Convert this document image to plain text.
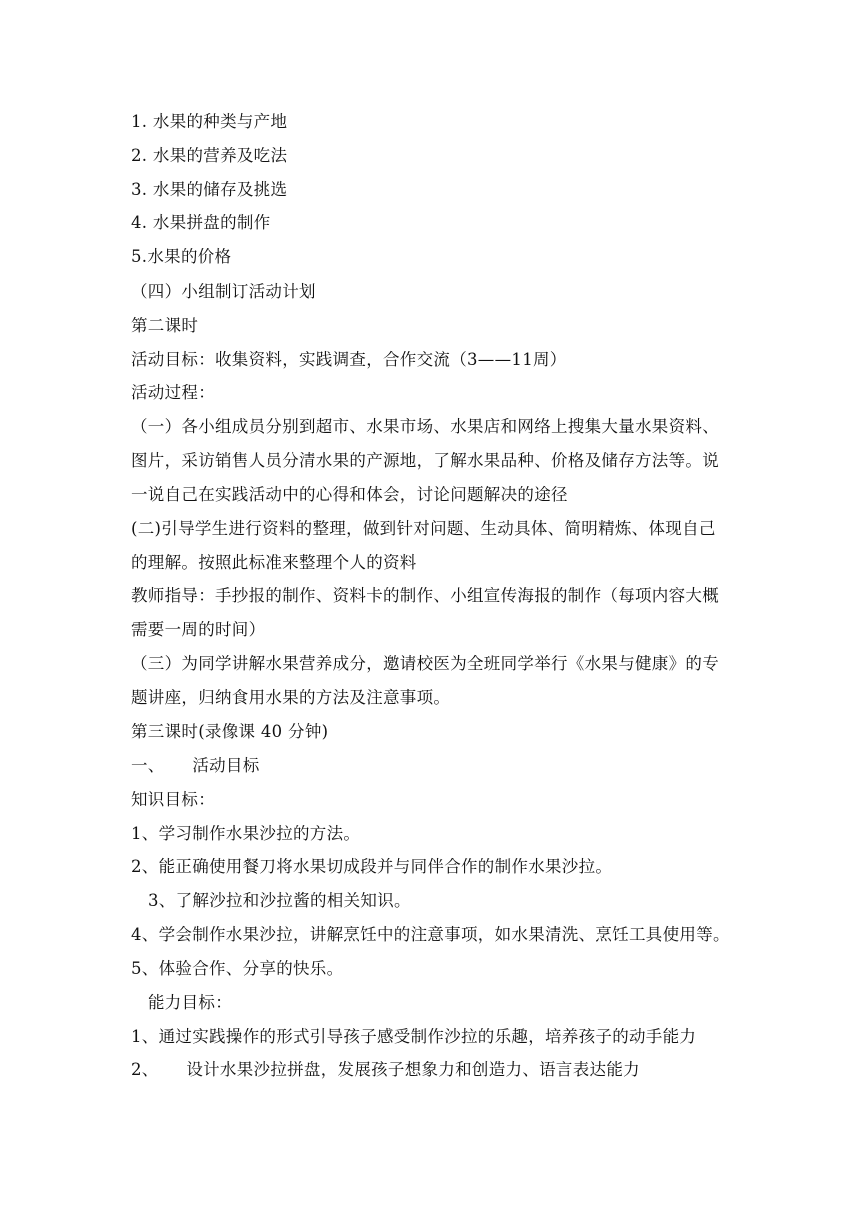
1. 水果的种类与产地
2. 水果的营养及吃法
3. 水果的储存及挑选
4. 水果拼盘的制作
5.水果的价格
（四）小组制订活动计划
第二课时
活动目标：收集资料，实践调查，合作交流（3——11周）
活动过程：
（一）各小组成员分别到超市、水果市场、水果店和网络上搜集大量水果资料、
图片，采访销售人员分清水果的产源地，了解水果品种、价格及储存方法等。说
一说自己在实践活动中的心得和体会，讨论问题解决的途径
(二)引导学生进行资料的整理，做到针对问题、生动具体、简明精炼、体现自己
的理解。按照此标准来整理个人的资料
教师指导：手抄报的制作、资料卡的制作、小组宣传海报的制作（每项内容大概
需要一周的时间）
（三）为同学讲解水果营养成分，邀请校医为全班同学举行《水果与健康》的专
题讲座，归纳食用水果的方法及注意事项。
第三课时(录像课 40 分钟)
一、     活动目标
知识目标：
1、学习制作水果沙拉的方法。
2、能正确使用餐刀将水果切成段并与同伴合作的制作水果沙拉。
3、了解沙拉和沙拉酱的相关知识。
4、学会制作水果沙拉，讲解烹饪中的注意事项，如水果清洗、烹饪工具使用等。
5、体验合作、分享的快乐。
能力目标：
1、通过实践操作的形式引导孩子感受制作沙拉的乐趣，培养孩子的动手能力
2、     设计水果沙拉拼盘，发展孩子想象力和创造力、语言表达能力
